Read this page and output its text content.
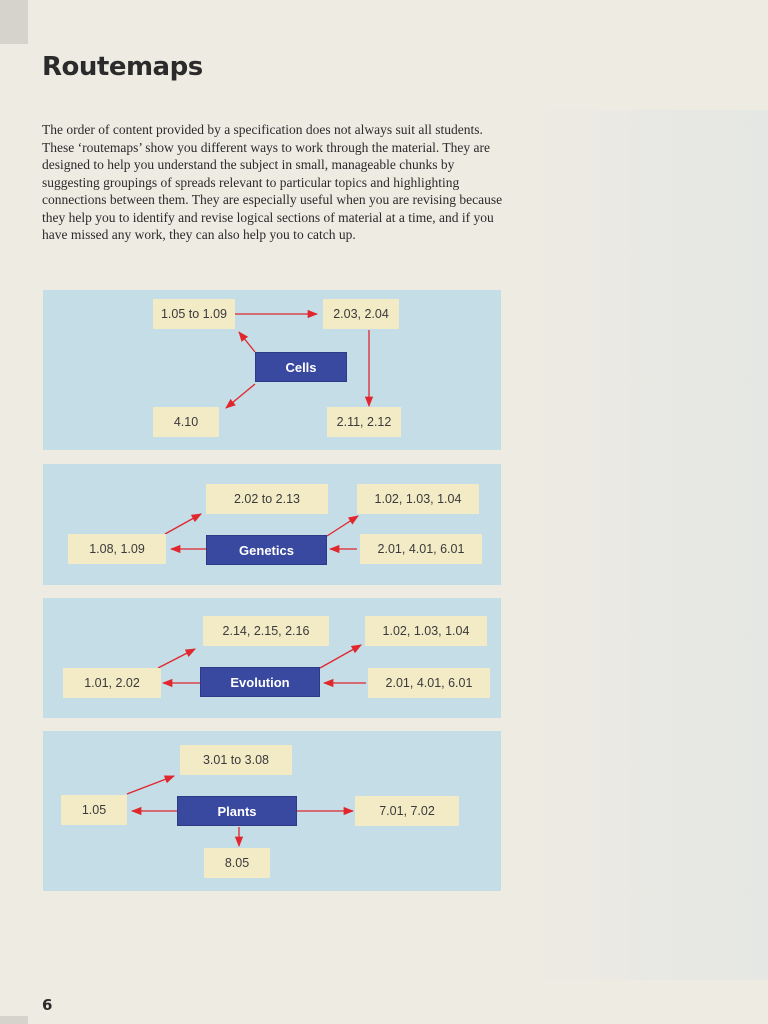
Routemaps

The order of content provided by a specification does not always suit all students. These ‘routemaps’ show you different ways to work through the material. They are designed to help you understand the subject in small, manageable chunks by suggesting groupings of spreads relevant to particular topics and highlighting connections between them. They are especially useful when you are revising because they help you to identify and revise logical sections of material at a time, and if you have missed any work, they can also help you to catch up.

1.05 to 1.09	2.03, 2.04
Cells
4.10	2.11, 2.12
1.08, 1.09
2.02 to 2.13	1.02, 1.03, 1.04
Genetics	2.01, 4.01, 6.01
1.01, 2.02
2.14, 2.15, 2.16	1.02, 1.03, 1.04
Evolution	2.01, 4.01, 6.01
1.05
3.01 to 3.08
Plants	7.01, 7.02
8.05
6
